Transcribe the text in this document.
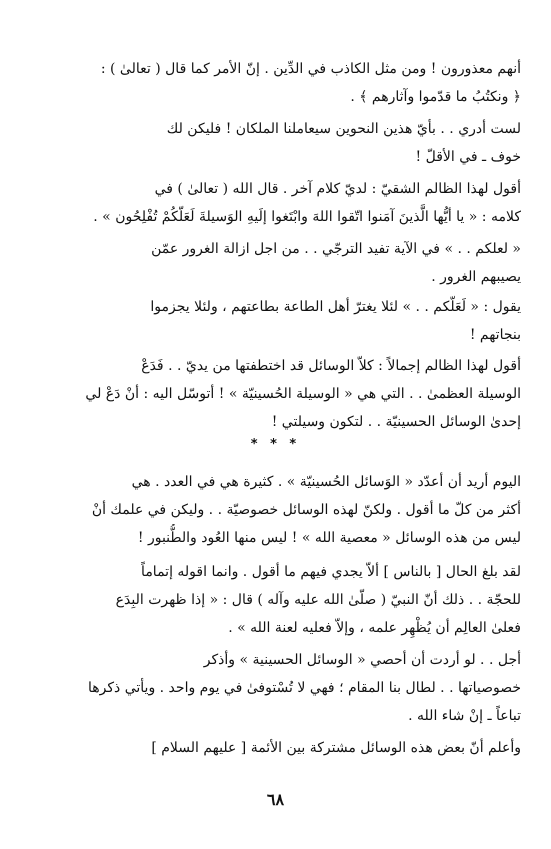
أنهم معذورون ! ومن مثل الكاذب في الدِّين . إنّ الأمر كما قال ( تعالىٰ ) :
﴿ ونكتُبُ ما قدّموا وآثارهم ﴾ .
لست أدري . . بأيّ هذين النحوين سيعاملنا الملكان ! فليكن لك
خوف ـ في الأقلّ !
أقول لهذا الظالم الشقيّ : لديّ كلام آخر . قال الله ( تعالىٰ ) في
كلامه : « يا أيُّها الَّذينَ آمَنوا اتّقوا اللهَ وابْتَغوا إلَيهِ الوَسيلةَ لَعَلّكُمْ تُفْلِحُون » .
« لعلكم . . » في الآية تفيد الترجّي . . من اجل ازالة الغرور عمّن
يصيبهم الغرور .
يقول : « لَعَلّكم . . » لئلا يغترّ أهل الطاعة بطاعتهم ، ولئلا يجزموا
بنجاتهم !
أقول لهذا الظالم إجمالاً : كلاّ الوسائل قد اختطفتها من يديّ . . فَدَعْ
الوسيلة العظمىٰ . . التي هي « الوسيلة الحُسينيّة » ! أتوسّل اليه : أنْ دَعْ لي
إحدىٰ الوسائل الحسينيّة . . لتكون وسيلتي !
* * *
اليوم أريد أن أعدّد « الوَسائل الحُسينيّة » . كثيرة هي في العدد . هي
أكثر من كلّ ما أقول . ولكنّ لهذه الوسائل خصوصيّة . . وليكن في علمك أنْ
ليس من هذه الوسائل « معصية الله » ! ليس منها العُود والطُّنبور !
لقد بلغ الحال [ بالناس ] ألاّ يجدي فيهم ما أقول . وانما اقوله إتماماً
للحجّة . . ذلك أنّ النبيّ ( صلّىٰ الله عليه وآله ) قال : « إذا ظهرت البِدَع
فعلىٰ العالِم أن يُظْهِر علمه ، وإلاّ فعليه لعنة الله » .
أجل . . لو أردت أن أحصي « الوسائل الحسينية » وأذكر
خصوصياتها . . لطال بنا المقام ؛ فهي لا تُسْتوفىٰ في يوم واحد . ويأتي ذكرها
تباعاً ـ إنْ شاء الله .
وأعلم أنّ بعض هذه الوسائل مشتركة بين الأئمة [ عليهم السلام ]
٦٨
